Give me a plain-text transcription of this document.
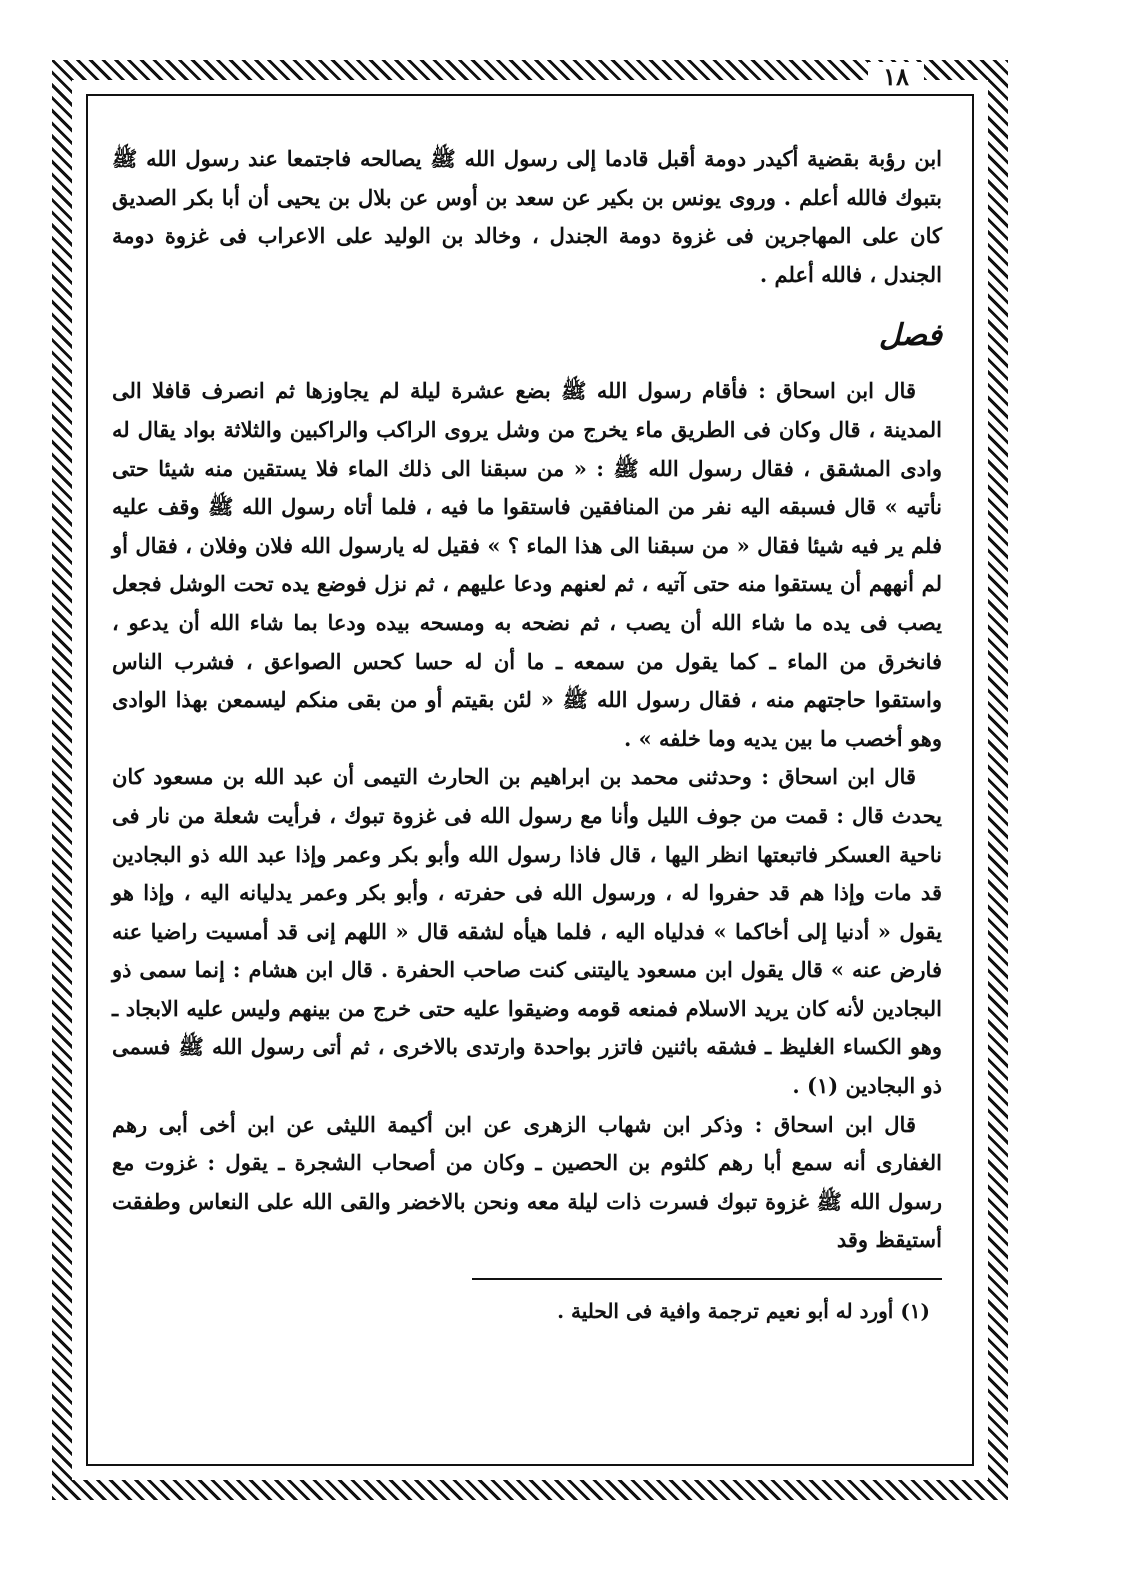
١٨

ابن رؤبة بقضية أكيدر دومة أقبل قادما إلى رسول الله ﷺ يصالحه فاجتمعا عند رسول الله ﷺ بتبوك فالله أعلم . وروى يونس بن بكير عن سعد بن أوس عن بلال بن يحيى أن أبا بكر الصديق كان على المهاجرين فى غزوة دومة الجندل ، وخالد بن الوليد على الاعراب فى غزوة دومة الجندل ، فالله أعلم .

فصل

قال ابن اسحاق : فأقام رسول الله ﷺ بضع عشرة ليلة لم يجاوزها ثم انصرف قافلا الى المدينة ، قال وكان فى الطريق ماء يخرج من وشل يروى الراكب والراكبين والثلاثة بواد يقال له وادى المشقق ، فقال رسول الله ﷺ : « من سبقنا الى ذلك الماء فلا يستقين منه شيئا حتى نأتيه » قال فسبقه اليه نفر من المنافقين فاستقوا ما فيه ، فلما أتاه رسول الله ﷺ وقف عليه فلم ير فيه شيئا فقال « من سبقنا الى هذا الماء ؟ » فقيل له يارسول الله فلان وفلان ، فقال أو لم أنههم أن يستقوا منه حتى آتيه ، ثم لعنهم ودعا عليهم ، ثم نزل فوضع يده تحت الوشل فجعل يصب فى يده ما شاء الله أن يصب ، ثم نضحه به ومسحه بيده ودعا بما شاء الله أن يدعو ، فانخرق من الماء ـ كما يقول من سمعه ـ ما أن له حسا كحس الصواعق ، فشرب الناس واستقوا حاجتهم منه ، فقال رسول الله ﷺ « لئن بقيتم أو من بقى منكم ليسمعن بهذا الوادى وهو أخصب ما بين يديه وما خلفه » .

قال ابن اسحاق : وحدثنى محمد بن ابراهيم بن الحارث التيمى أن عبد الله بن مسعود كان يحدث قال : قمت من جوف الليل وأنا مع رسول الله فى غزوة تبوك ، فرأيت شعلة من نار فى ناحية العسكر فاتبعتها انظر اليها ، قال فاذا رسول الله وأبو بكر وعمر وإذا عبد الله ذو البجادين قد مات وإذا هم قد حفروا له ، ورسول الله فى حفرته ، وأبو بكر وعمر يدليانه اليه ، وإذا هو يقول « أدنيا إلى أخاكما » فدلياه اليه ، فلما هيأه لشقه قال « اللهم إنى قد أمسيت راضيا عنه فارض عنه » قال يقول ابن مسعود ياليتنى كنت صاحب الحفرة . قال ابن هشام : إنما سمى ذو البجادين لأنه كان يريد الاسلام فمنعه قومه وضيقوا عليه حتى خرج من بينهم وليس عليه الابجاد ـ وهو الكساء الغليظ ـ فشقه باثنين فاتزر بواحدة وارتدى بالاخرى ، ثم أتى رسول الله ﷺ فسمى ذو البجادين (١) .

قال ابن اسحاق : وذكر ابن شهاب الزهرى عن ابن أكيمة الليثى عن ابن أخى أبى رهم الغفارى أنه سمع أبا رهم كلثوم بن الحصين ـ وكان من أصحاب الشجرة ـ يقول : غزوت مع رسول الله ﷺ غزوة تبوك فسرت ذات ليلة معه ونحن بالاخضر والقى الله على النعاس وطفقت أستيقظ وقد

(١) أورد له أبو نعيم ترجمة وافية فى الحلية .
